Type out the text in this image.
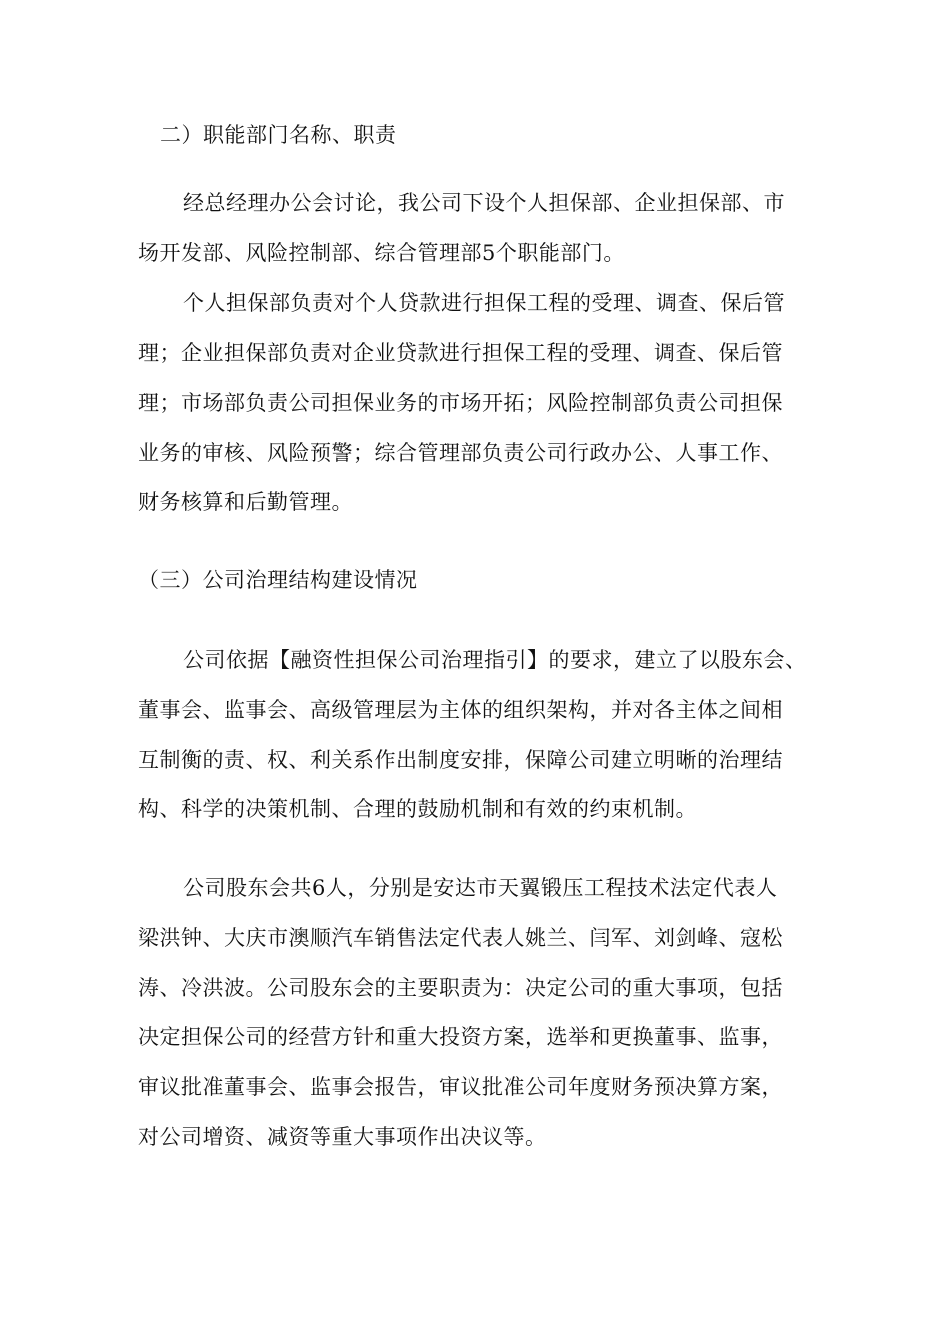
二）职能部门名称、职责
经总经理办公会讨论，我公司下设个人担保部、企业担保部、市
场开发部、风险控制部、综合管理部5个职能部门。
个人担保部负责对个人贷款进行担保工程的受理、调查、保后管
理；企业担保部负责对企业贷款进行担保工程的受理、调查、保后管
理；市场部负责公司担保业务的市场开拓；风险控制部负责公司担保
业务的审核、风险预警；综合管理部负责公司行政办公、人事工作、
财务核算和后勤管理。
（三）公司治理结构建设情况
公司依据【融资性担保公司治理指引】的要求，建立了以股东会、
董事会、监事会、高级管理层为主体的组织架构，并对各主体之间相
互制衡的责、权、利关系作出制度安排，保障公司建立明晰的治理结
构、科学的决策机制、合理的鼓励机制和有效的约束机制。
公司股东会共6人，分别是安达市天翼锻压工程技术法定代表人
梁洪钟、大庆市澳顺汽车销售法定代表人姚兰、闫军、刘剑峰、寇松
涛、冷洪波。公司股东会的主要职责为：决定公司的重大事项，包括
决定担保公司的经营方针和重大投资方案，选举和更换董事、监事，
审议批准董事会、监事会报告，审议批准公司年度财务预决算方案，
对公司增资、减资等重大事项作出决议等。
